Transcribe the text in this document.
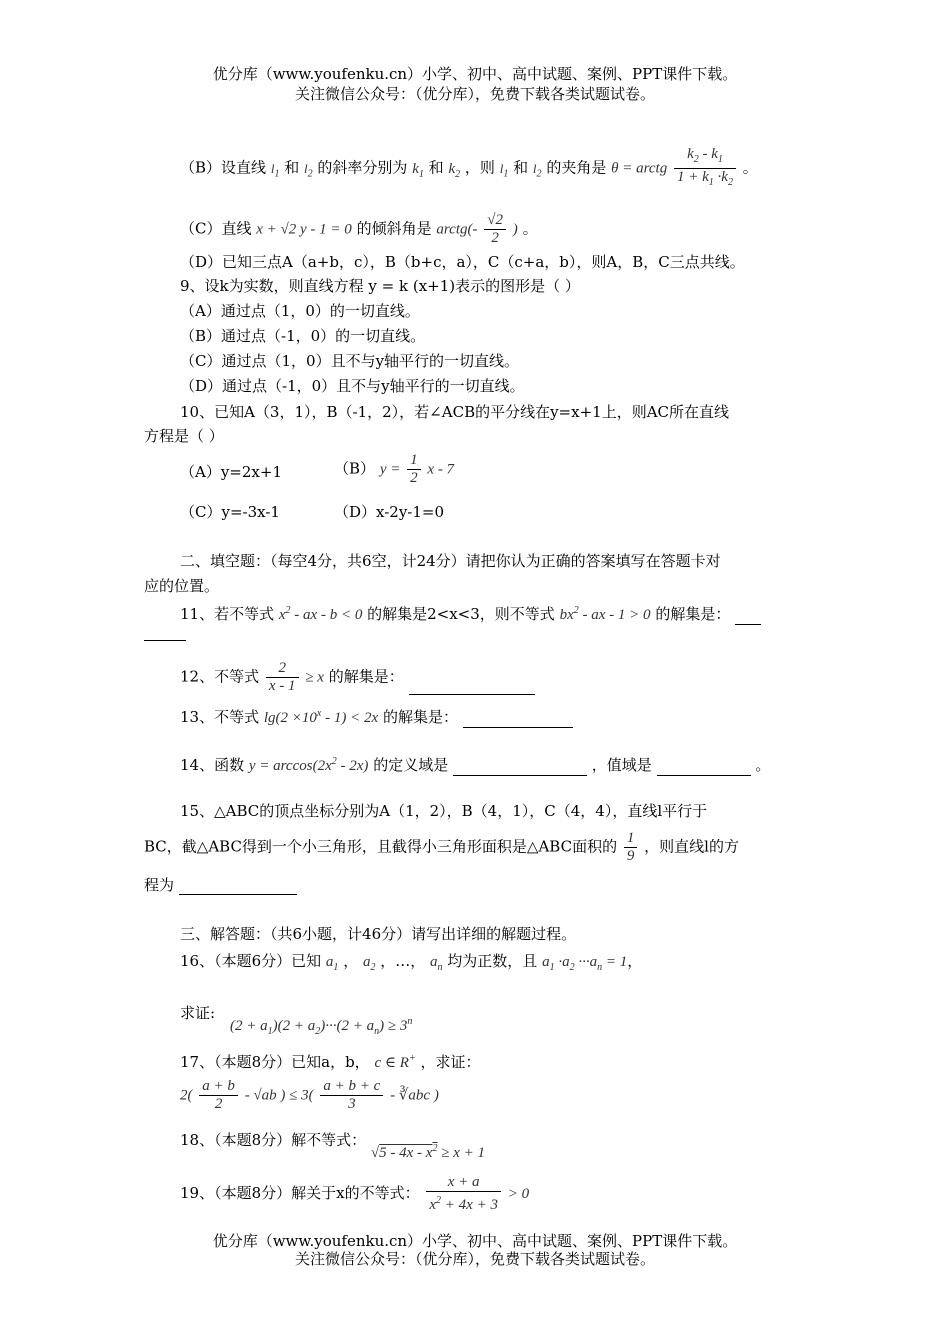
优分库（www.youfenku.cn）小学、初中、高中试题、案例、PPT课件下载。
关注微信公众号：（优分库），免费下载各类试题试卷。
（B）设直线 $l_1$ 和 $l_2$ 的斜率分别为 $k_1$ 和 $k_2$ ，则 $l_1$ 和 $l_2$ 的夹角是 θ = arctg $\frac{k_2 - k_1}{1 + k_1 \cdot k_2}$ 。
（C）直线 x + √2 y - 1 = 0 的倾斜角是 arctg(- $\frac{√2}{2}$ ) 。
（D）已知三点A（a+b，c），B（b+c，a），C（c+a，b），则A，B，C三点共线。
9、设k为实数，则直线方程 y = k (x+1)表示的图形是（ ）
（A）通过点（1，0）的一切直线。
（B）通过点（-1，0）的一切直线。
（C）通过点（1，0）且不与y轴平行的一切直线。
（D）通过点（-1，0）且不与y轴平行的一切直线。
10、已知A（3，1），B（-1，2），若∠ACB的平分线在y=x+1上，则AC所在直线
方程是（ ）
（A）y=2x+1	（B） $y = \frac{1}{2}$ x - 7
（C）y=-3x-1	（D）x-2y-1=0
二、填空题：（每空4分，共6空，计24分）请把你认为正确的答案填写在答题卡对
应的位置。
11、若不等式 $x^2$ - ax - b < 0 的解集是2<x<3，则不等式 $bx^2$ - ax - 1 > 0 的解集是：
12、不等式 $\frac{2}{x - 1} \ge x$ 的解集是：
13、不等式 $\lg(2 \times 10^x - 1) < 2x$ 的解集是：
14、函数 $y = \arccos(2x^2 - 2x)$ 的定义域是	，值域是	。
15、△ABC的顶点坐标分别为A（1，2），B（4，1），C（4，4），直线l平行于
BC，截△ABC得到一个小三角形，且截得小三角形面积是△ABC面积的 $\frac{1}{9}$ ，则直线l的方
程为
三、解答题：（共6小题，计46分）请写出详细的解题过程。
16、（本题6分）已知 $a_1$ ， $a_2$ ，…， $a_n$ 均为正数，且 $a_1 \cdot a_2 \cdot\cdot\cdot a_n = 1$，
求证:
$(2 + a_1)(2 + a_2)\cdot\cdot\cdot(2 + a_n) \ge 3^n$
17、（本题8分）已知a，b， c ∈ R+ ，求证：
$2( \frac{a + b}{2} - √ab$ ) ≤ $3( \frac{a + b + c}{3}$ - ∛abc )
18、（本题8分）解不等式： $√5 - 4x - x^2 \ge x + 1$
19、（本题8分）解关于x的不等式： $\frac{x + a}{x^2 + 4x + 3} > 0$
优分库（www.youfenku.cn）小学、初中、高中试题、案例、PPT课件下载。
关注微信公众号：（优分库），免费下载各类试题试卷。
